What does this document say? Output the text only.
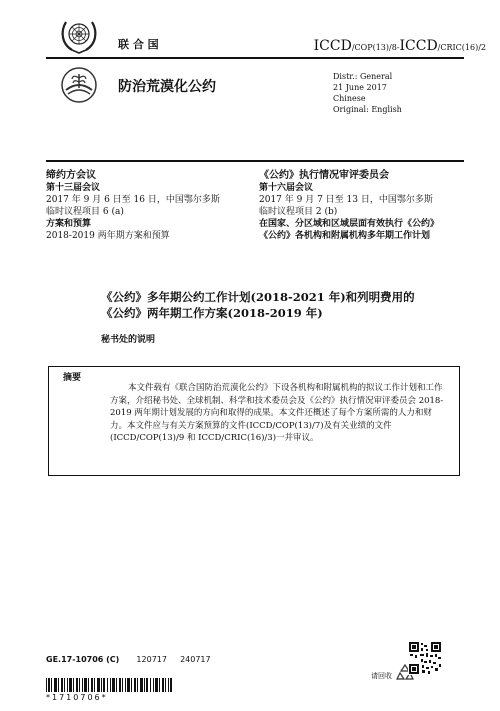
联 合 国
防治荒漠化公约
ICCD/COP(13)/8-ICCD/CRIC(16)/2
Distr.: General
21 June 2017
Chinese
Original: English
缔约方会议
第十三届会议
2017 年 9 月 6 日至 16 日，中国鄂尔多斯
临时议程项目 6 (a)
方案和预算
2018-2019 两年期方案和预算
《公约》执行情况审评委员会
第十六届会议
2017 年 9 月 7 日至 13 日，中国鄂尔多斯
临时议程项目 2 (b)
在国家、分区域和区域层面有效执行《公约》
《公约》各机构和附属机构多年期工作计划
《公约》多年期公约工作计划(2018-2021 年)和列明费用的
《公约》两年期工作方案(2018-2019 年)
秘书处的说明
摘要
本文件载有《联合国防治荒漠化公约》下设各机构和附属机构的拟议工作计划和工作方案，介绍秘书处、全球机制、科学和技术委员会及《公约》执行情况审评委员会 2018-2019 两年期计划发展的方向和取得的成果。本文件还概述了每个方案所需的人力和财力。本文件应与有关方案预算的文件(ICCD/COP(13)/7)及有关业绩的文件(ICCD/COP(13)/9 和 ICCD/CRIC(16)/3)一并审议。
GE.17-10706 (C) 120717 240717
*1710706*
请回收
